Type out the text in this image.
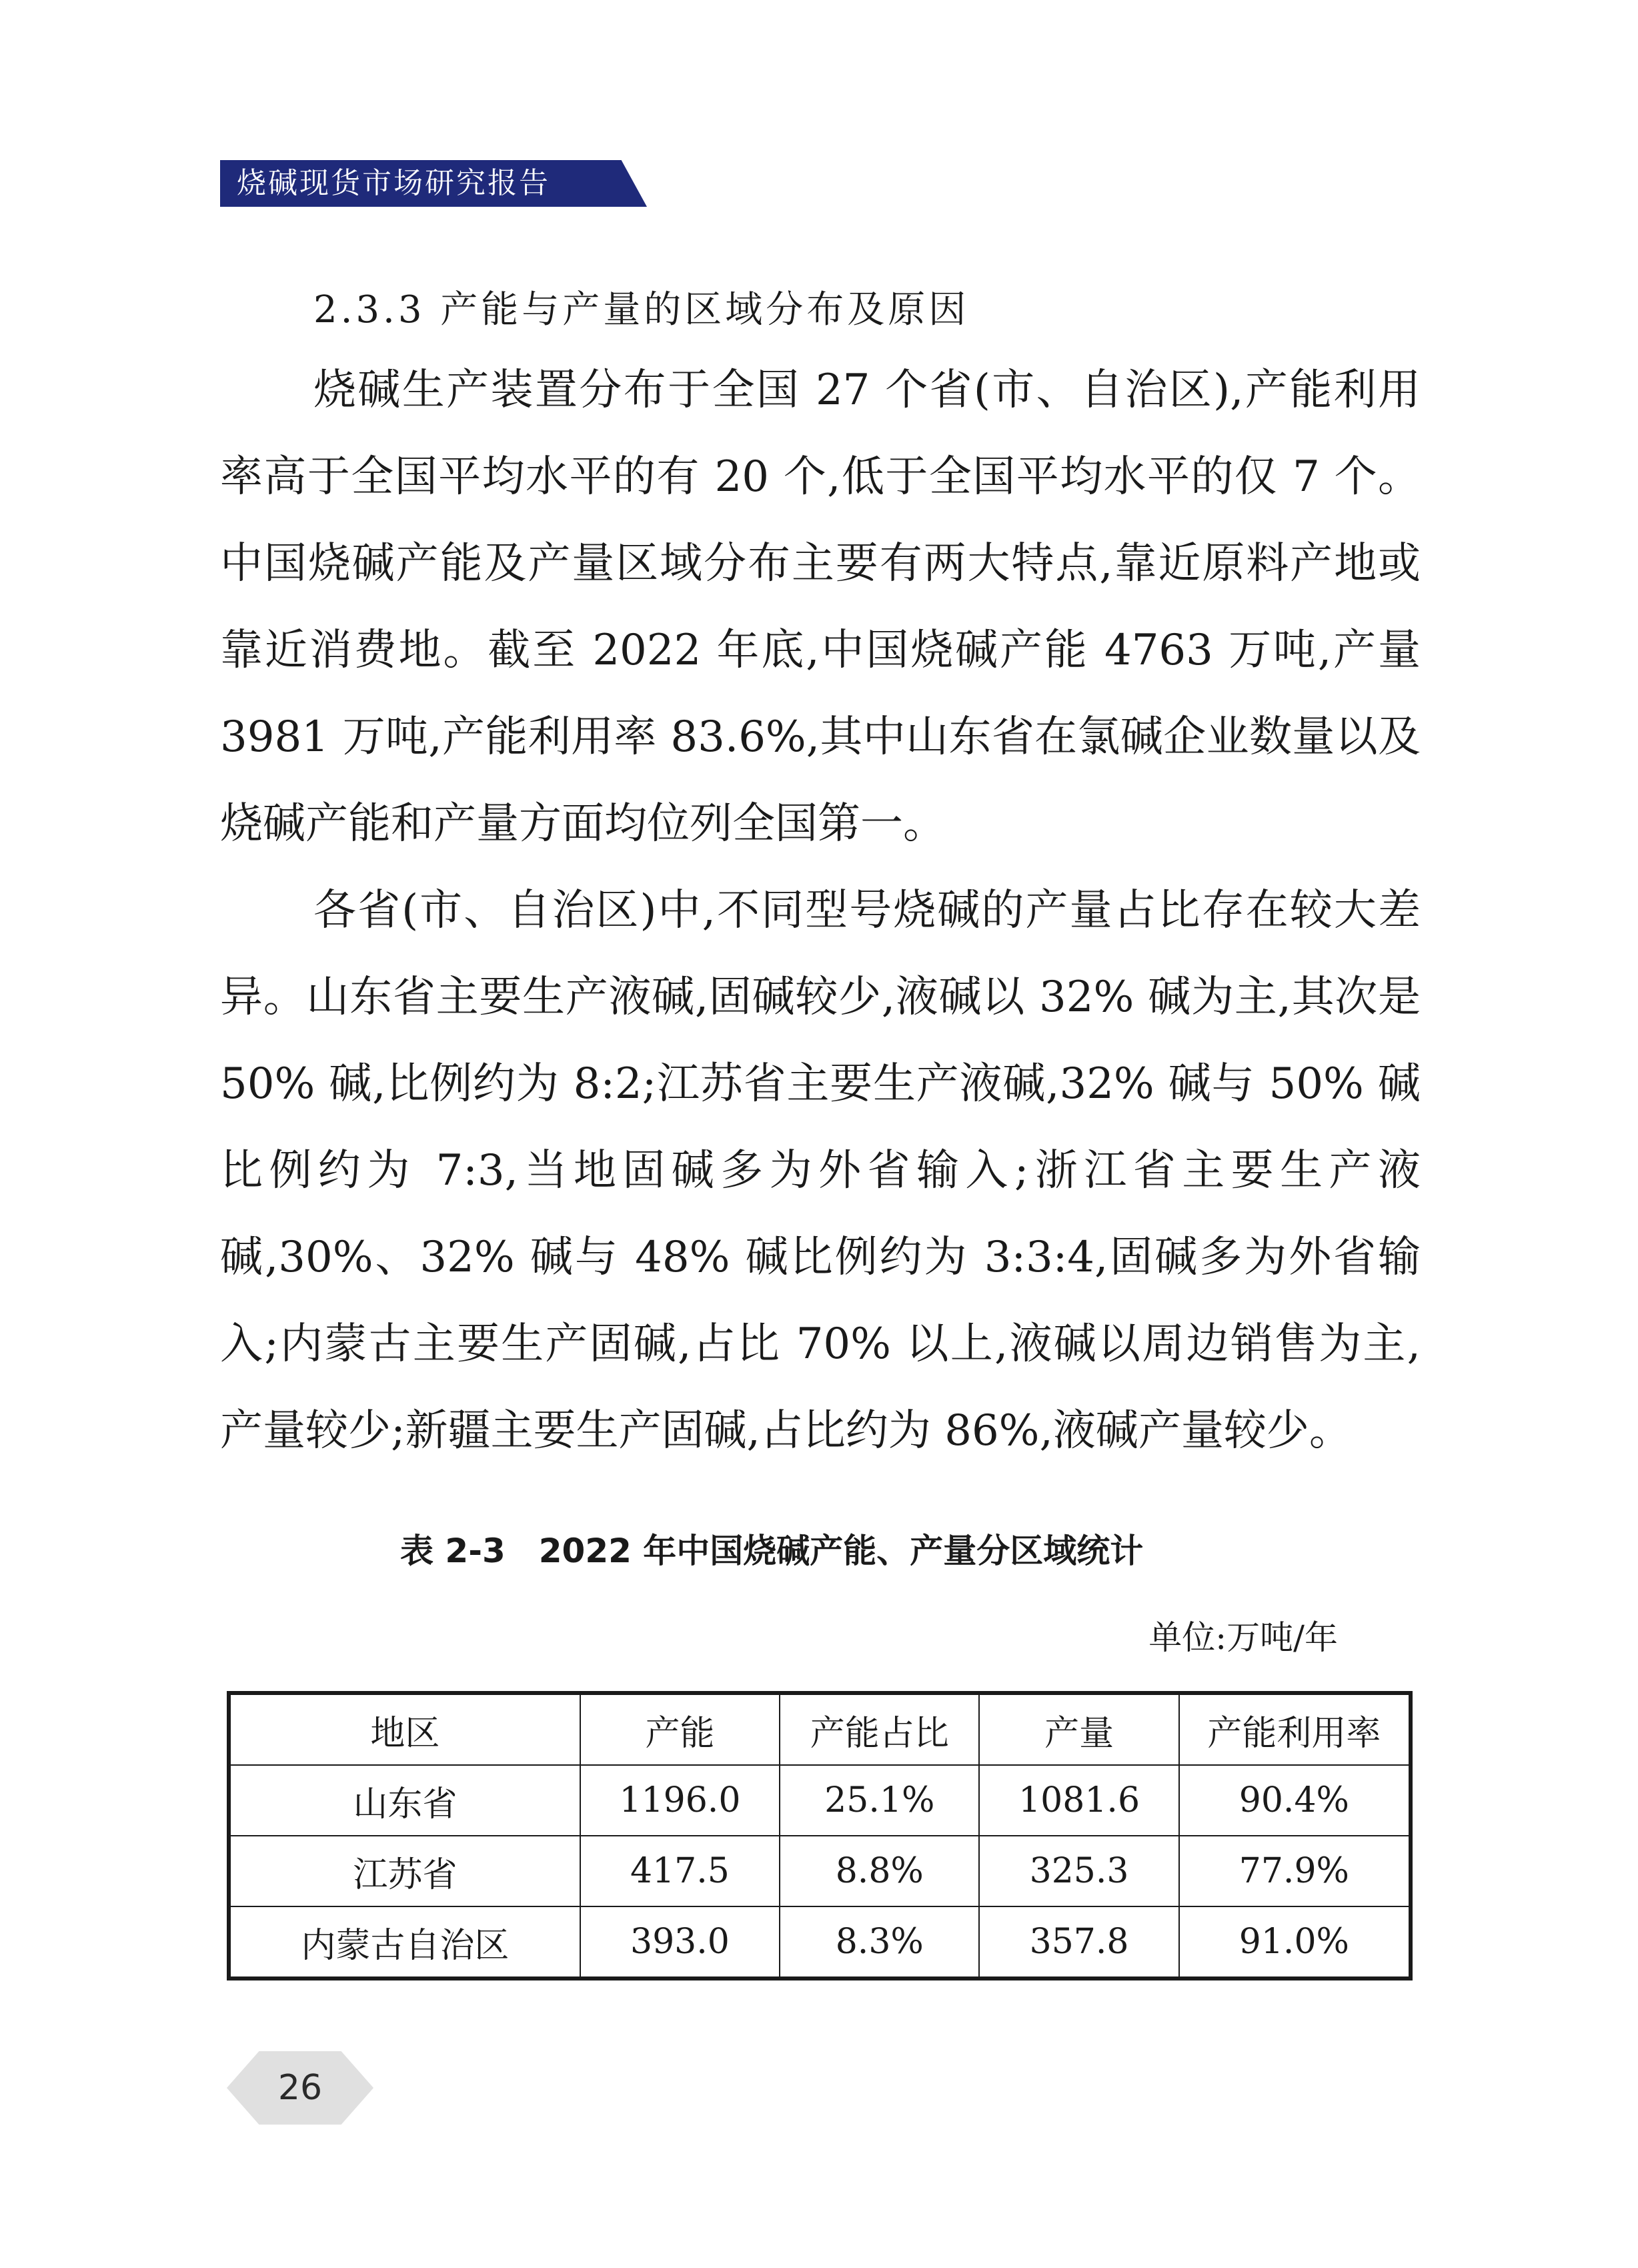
烧碱现货市场研究报告
2.3.3 产能与产量的区域分布及原因

烧碱生产装置分布于全国 27 个省(市、自治区),产能利用率高于全国平均水平的有 20 个,低于全国平均水平的仅 7 个。中国烧碱产能及产量区域分布主要有两大特点,靠近原料产地或靠近消费地。截至 2022 年底,中国烧碱产能 4763 万吨,产量 3981 万吨,产能利用率 83.6%,其中山东省在氯碱企业数量以及烧碱产能和产量方面均位列全国第一。

各省(市、自治区)中,不同型号烧碱的产量占比存在较大差异。山东省主要生产液碱,固碱较少,液碱以 32% 碱为主,其次是 50% 碱,比例约为 8:2;江苏省主要生产液碱,32% 碱与 50% 碱比例约为 7:3,当地固碱多为外省输入;浙江省主要生产液碱,30%、32% 碱与 48% 碱比例约为 3:3:4,固碱多为外省输入;内蒙古主要生产固碱,占比 70% 以上,液碱以周边销售为主,产量较少;新疆主要生产固碱,占比约为 86%,液碱产量较少。

表 2-3　2022 年中国烧碱产能、产量分区域统计
单位:万吨/年
地区	产能	产能占比	产量	产能利用率
山东省	1196.0	25.1%	1081.6	90.4%
江苏省	417.5	8.8%	325.3	77.9%
内蒙古自治区	393.0	8.3%	357.8	91.0%
26
